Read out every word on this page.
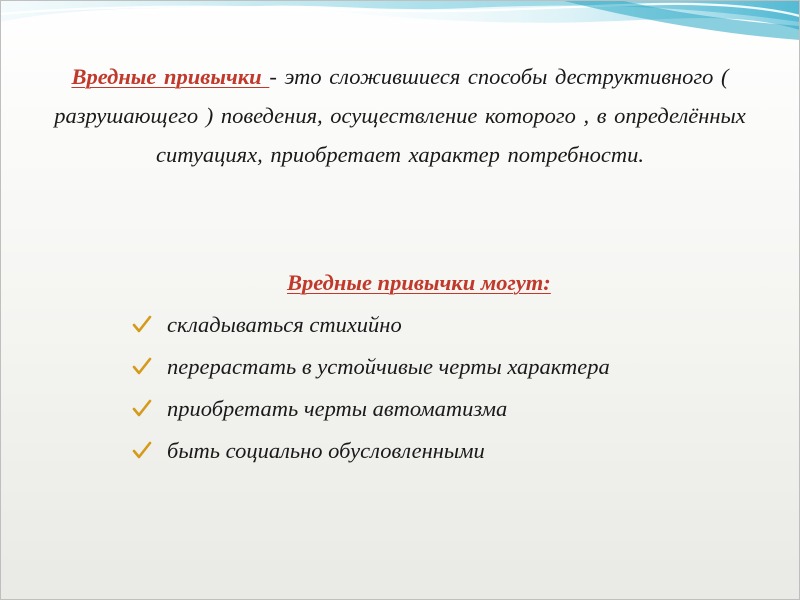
Вредные привычки - это сложившиеся способы деструктивного ( разрушающего ) поведения, осуществление которого , в определённых ситуациях, приобретает характер потребности.
Вредные привычки могут:
складываться стихийно
перерастать в устойчивые черты характера
приобретать черты автоматизма
быть социально обусловленными
